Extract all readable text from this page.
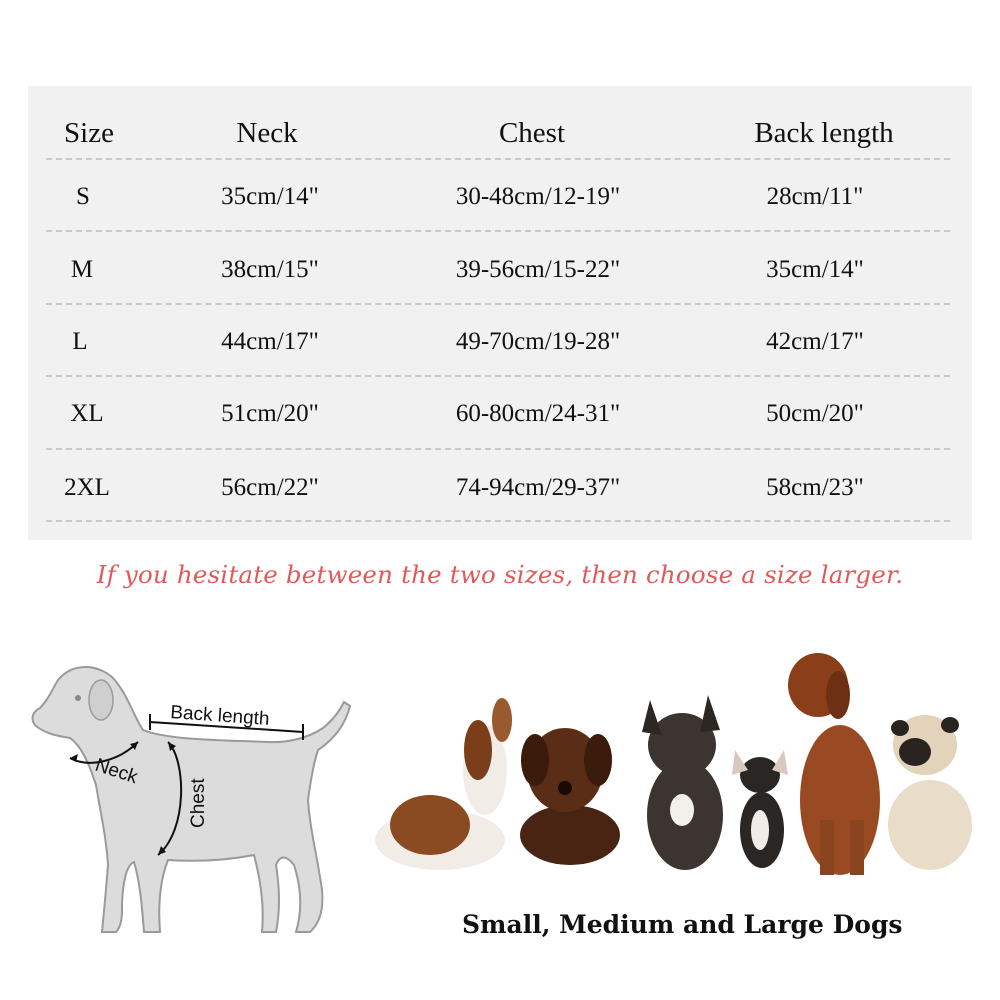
Size	Neck	Chest	Back length
S	35cm/14"	30-48cm/12-19"	28cm/11"
M	38cm/15"	39-56cm/15-22"	35cm/14"
L	44cm/17"	49-70cm/19-28"	42cm/17"
XL	51cm/20"	60-80cm/24-31"	50cm/20"
2XL	56cm/22"	74-94cm/29-37"	58cm/23"
If you hesitate between the two sizes, then choose a size larger.
Back length
Neck
Chest
Small, Medium and Large Dogs
